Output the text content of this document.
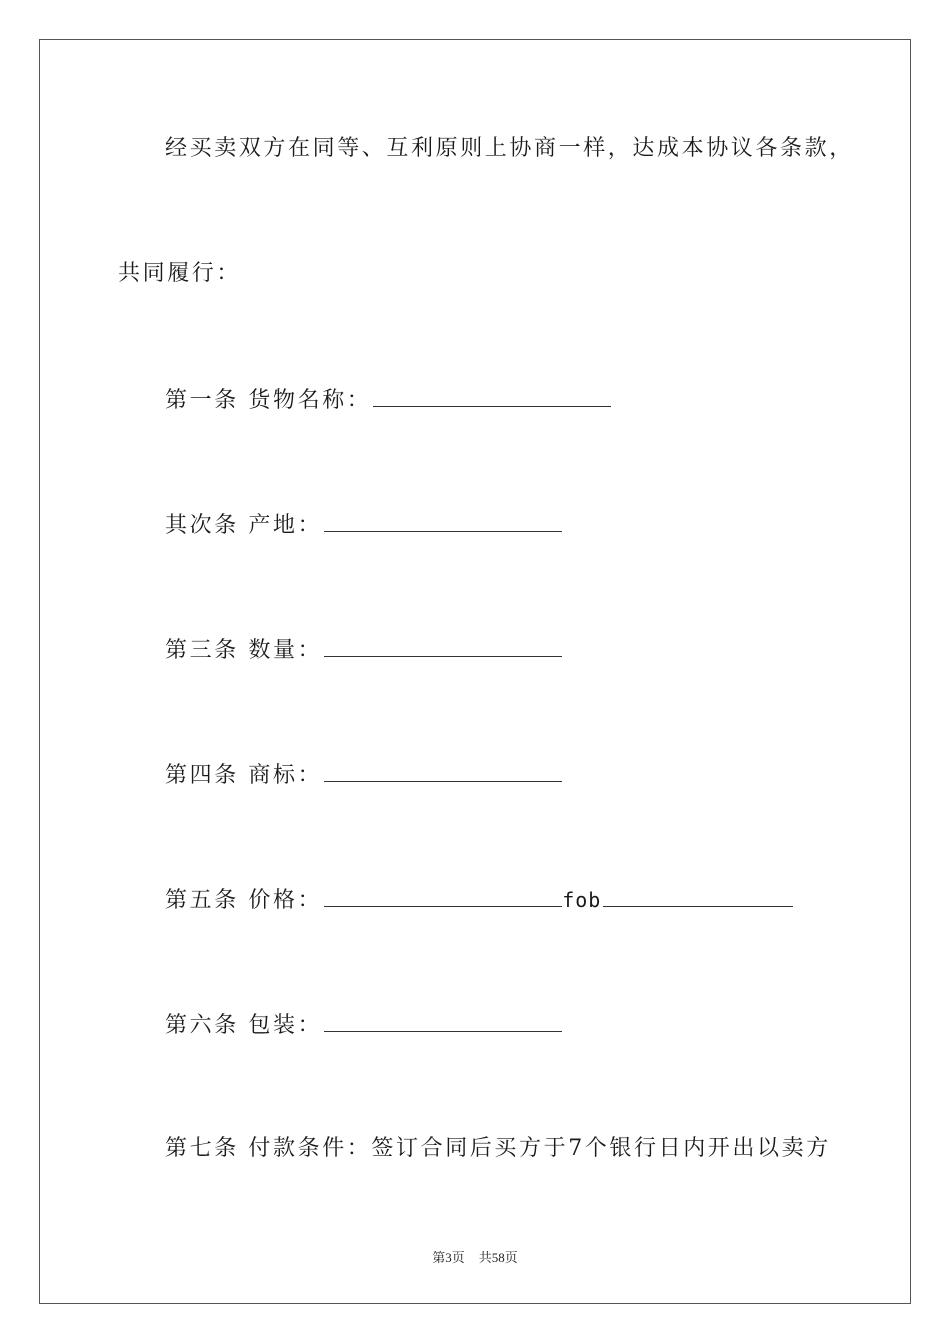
经买卖双方在同等、互利原则上协商一样，达成本协议各条款，
共同履行：
第一条 货物名称：
其次条 产地：
第三条 数量：
第四条 商标：
第五条 价格：	fob
第六条 包装：
第七条 付款条件：签订合同后买方于7个银行日内开出以卖方
第3页 共58页
